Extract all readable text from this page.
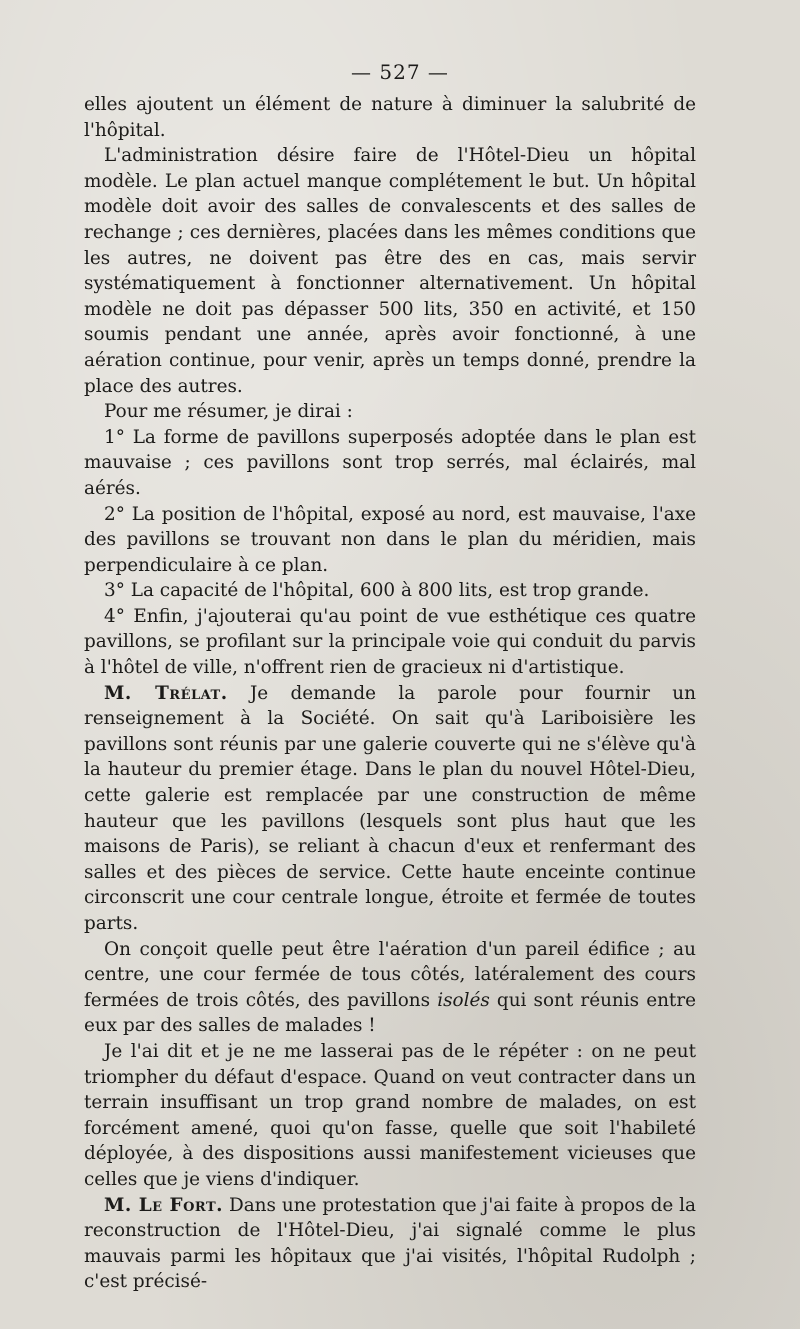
— 527 —

elles ajoutent un élément de nature à diminuer la salubrité de l'hôpital.

L'administration désire faire de l'Hôtel-Dieu un hôpital modèle. Le plan actuel manque complétement le but. Un hôpital modèle doit avoir des salles de convalescents et des salles de rechange ; ces dernières, placées dans les mêmes conditions que les autres, ne doivent pas être des en cas, mais servir systématiquement à fonctionner alternativement. Un hôpital modèle ne doit pas dépasser 500 lits, 350 en activité, et 150 soumis pendant une année, après avoir fonctionné, à une aération continue, pour venir, après un temps donné, prendre la place des autres.

Pour me résumer, je dirai :

1° La forme de pavillons superposés adoptée dans le plan est mauvaise ; ces pavillons sont trop serrés, mal éclairés, mal aérés.

2° La position de l'hôpital, exposé au nord, est mauvaise, l'axe des pavillons se trouvant non dans le plan du méridien, mais perpendiculaire à ce plan.

3° La capacité de l'hôpital, 600 à 800 lits, est trop grande.

4° Enfin, j'ajouterai qu'au point de vue esthétique ces quatre pavillons, se profilant sur la principale voie qui conduit du parvis à l'hôtel de ville, n'offrent rien de gracieux ni d'artistique.

M. Trélat. Je demande la parole pour fournir un renseignement à la Société. On sait qu'à Lariboisière les pavillons sont réunis par une galerie couverte qui ne s'élève qu'à la hauteur du premier étage. Dans le plan du nouvel Hôtel-Dieu, cette galerie est remplacée par une construction de même hauteur que les pavillons (lesquels sont plus haut que les maisons de Paris), se reliant à chacun d'eux et renfermant des salles et des pièces de service. Cette haute enceinte continue circonscrit une cour centrale longue, étroite et fermée de toutes parts.

On conçoit quelle peut être l'aération d'un pareil édifice ; au centre, une cour fermée de tous côtés, latéralement des cours fermées de trois côtés, des pavillons isolés qui sont réunis entre eux par des salles de malades !

Je l'ai dit et je ne me lasserai pas de le répéter : on ne peut triompher du défaut d'espace. Quand on veut contracter dans un terrain insuffisant un trop grand nombre de malades, on est forcément amené, quoi qu'on fasse, quelle que soit l'habileté déployée, à des dispositions aussi manifestement vicieuses que celles que je viens d'indiquer.

M. Le Fort. Dans une protestation que j'ai faite à propos de la reconstruction de l'Hôtel-Dieu, j'ai signalé comme le plus mauvais parmi les hôpitaux que j'ai visités, l'hôpital Rudolph ; c'est précisé-
